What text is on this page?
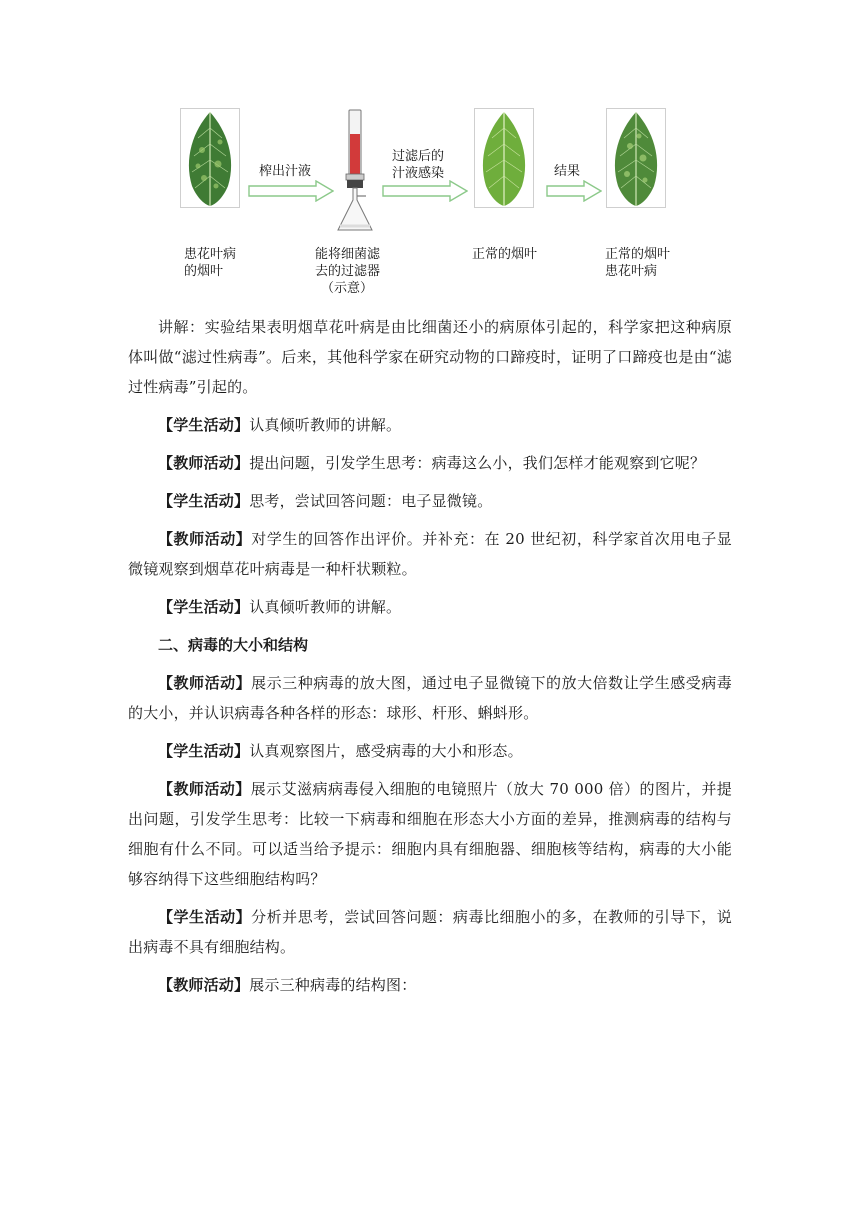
榨出汁液
过滤后的
汁液感染	结果
患花叶病
的烟叶
能将细菌滤
去的过滤器
（示意）
正常的烟叶	正常的烟叶
患花叶病

讲解：实验结果表明烟草花叶病是由比细菌还小的病原体引起的，科学家把这种病原体叫做“滤过性病毒”。后来，其他科学家在研究动物的口蹄疫时，证明了口蹄疫也是由“滤过性病毒”引起的。

【学生活动】认真倾听教师的讲解。

【教师活动】提出问题，引发学生思考：病毒这么小，我们怎样才能观察到它呢？

【学生活动】思考，尝试回答问题：电子显微镜。

【教师活动】对学生的回答作出评价。并补充：在 20 世纪初，科学家首次用电子显微镜观察到烟草花叶病毒是一种杆状颗粒。

【学生活动】认真倾听教师的讲解。

二、病毒的大小和结构

【教师活动】展示三种病毒的放大图，通过电子显微镜下的放大倍数让学生感受病毒的大小，并认识病毒各种各样的形态：球形、杆形、蝌蚪形。

【学生活动】认真观察图片，感受病毒的大小和形态。

【教师活动】展示艾滋病病毒侵入细胞的电镜照片（放大 70 000 倍）的图片，并提出问题，引发学生思考：比较一下病毒和细胞在形态大小方面的差异，推测病毒的结构与细胞有什么不同。可以适当给予提示：细胞内具有细胞器、细胞核等结构，病毒的大小能够容纳得下这些细胞结构吗？

【学生活动】分析并思考，尝试回答问题：病毒比细胞小的多，在教师的引导下，说出病毒不具有细胞结构。

【教师活动】展示三种病毒的结构图：
